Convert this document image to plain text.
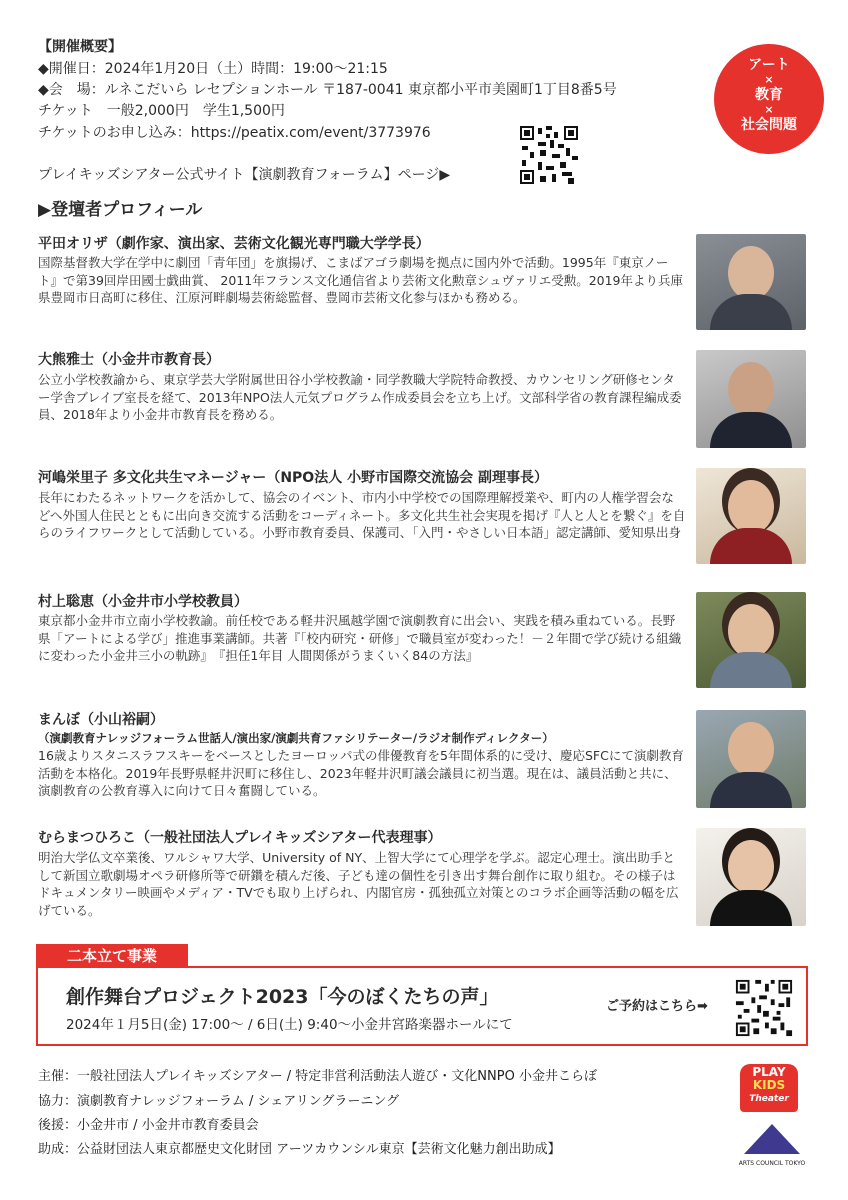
【開催概要】
◆開催日：2024年1月20日（土）時間：19:00～21:15
◆会　場：ルネこだいら レセプションホール 〒187-0041 東京都小平市美園町1丁目8番5号
チケット　一般2,000円　学生1,500円
チケットのお申し込み：https://peatix.com/event/3773976
プレイキッズシアター公式サイト【演劇教育フォーラム】ページ▶
アート
×
教育
×
社会問題
▶登壇者プロフィール
平田オリザ（劇作家、演出家、芸術文化観光専門職大学学長）
国際基督教大学在学中に劇団「青年団」を旗揚げ、こまばアゴラ劇場を拠点に国内外で活動。1995年『東京ノート』で第39回岸田國士戯曲賞、 2011年フランス文化通信省より芸術文化勲章シュヴァリエ受勲。2019年より兵庫県豊岡市日高町に移住、江原河畔劇場芸術総監督、豊岡市芸術文化参与ほかも務める。
大熊雅士（小金井市教育長）
公立小学校教諭から、東京学芸大学附属世田谷小学校教諭・同学教職大学院特命教授、カウンセリング研修センター学舎ブレイブ室長を経て、2013年NPO法人元気プログラム作成委員会を立ち上げ。文部科学省の教育課程編成委員、2018年より小金井市教育長を務める。
河嶋栄里子 多文化共生マネージャー（NPO法人 小野市国際交流協会 副理事長）
長年にわたるネットワークを活かして、協会のイベント、市内小中学校での国際理解授業や、町内の人権学習会などへ外国人住民とともに出向き交流する活動をコーディネート。多文化共生社会実現を掲げ『人と人とを繋ぐ』を自らのライフワークとして活動している。小野市教育委員、保護司、「入門・やさしい日本語」認定講師、愛知県出身
村上聡恵（小金井市小学校教員）
東京都小金井市立南小学校教諭。前任校である軽井沢風越学園で演劇教育に出会い、実践を積み重ねている。長野県「アートによる学び」推進事業講師。共著『「校内研究・研修」で職員室が変わった！－２年間で学び続ける組織に変わった小金井三小の軌跡』　『担任1年目 人間関係がうまくいく84の方法』
まんぼ（小山裕嗣）
（演劇教育ナレッジフォーラム世話人/演出家/演劇共育ファシリテーター/ラジオ制作ディレクター）
16歳よりスタニスラフスキーをベースとしたヨーロッパ式の俳優教育を5年間体系的に受け、慶応SFCにて演劇教育活動を本格化。2019年長野県軽井沢町に移住し、2023年軽井沢町議会議員に初当選。現在は、議員活動と共に、演劇教育の公教育導入に向けて日々奮闘している。
むらまつひろこ（一般社団法人プレイキッズシアター代表理事）
明治大学仏文卒業後、ワルシャワ大学、University of NY、上智大学にて心理学を学ぶ。認定心理士。演出助手として新国立歌劇場オペラ研修所等で研鑽を積んだ後、子ども達の個性を引き出す舞台創作に取り組む。その様子はドキュメンタリー映画やメディア・TVでも取り上げられ、内閣官房・孤独孤立対策とのコラボ企画等活動の幅を広げている。
二本立て事業
創作舞台プロジェクト2023「今のぼくたちの声」
2024年１月5日(金) 17:00～ / 6日(土) 9:40～小金井宮路楽器ホールにて
ご予約はこちら➡
主催：一般社団法人プレイキッズシアター / 特定非営利活動法人遊び・文化NNPO 小金井こらぼ
協力：演劇教育ナレッジフォーラム / シェアリングラーニング
後援：小金井市 / 小金井市教育委員会
助成：公益財団法人東京都歴史文化財団 アーツカウンシル東京【芸術文化魅力創出助成】
PLAY
KIDS
Theater
ARTS COUNCIL TOKYO
